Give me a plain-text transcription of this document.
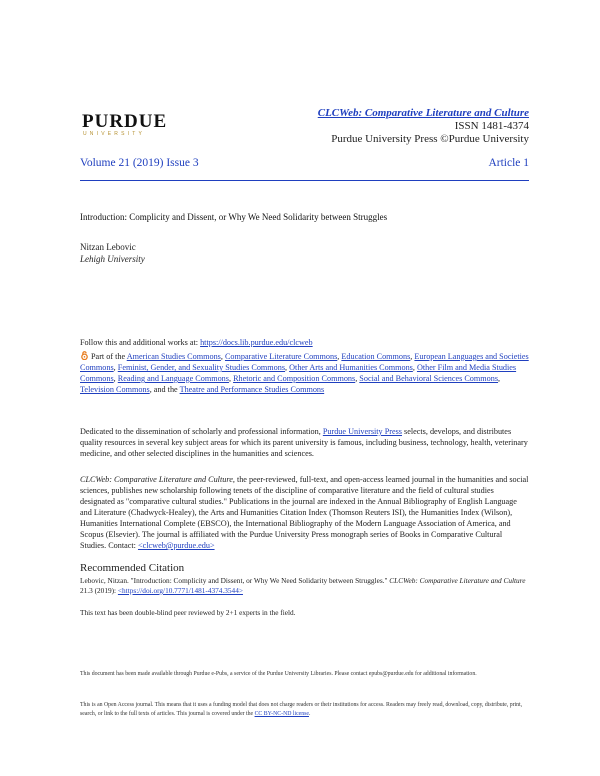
PURDUE
UNIVERSITY
CLCWeb: Comparative Literature and Culture
ISSN 1481-4374
Purdue University Press ©Purdue University
Volume 21 (2019) Issue 3	Article 1
Introduction: Complicity and Dissent, or Why We Need Solidarity between Struggles
Nitzan Lebovic
Lehigh University
Follow this and additional works at: https://docs.lib.purdue.edu/clcweb
Part of the American Studies Commons, Comparative Literature Commons, Education Commons, European Languages and Societies Commons, Feminist, Gender, and Sexuality Studies Commons, Other Arts and Humanities Commons, Other Film and Media Studies Commons, Reading and Language Commons, Rhetoric and Composition Commons, Social and Behavioral Sciences Commons, Television Commons, and the Theatre and Performance Studies Commons
Dedicated to the dissemination of scholarly and professional information, Purdue University Press selects, develops, and distributes quality resources in several key subject areas for which its parent university is famous, including business, technology, health, veterinary medicine, and other selected disciplines in the humanities and sciences.
CLCWeb: Comparative Literature and Culture, the peer-reviewed, full-text, and open-access learned journal in the humanities and social sciences, publishes new scholarship following tenets of the discipline of comparative literature and the field of cultural studies designated as "comparative cultural studies." Publications in the journal are indexed in the Annual Bibliography of English Language and Literature (Chadwyck-Healey), the Arts and Humanities Citation Index (Thomson Reuters ISI), the Humanities Index (Wilson), Humanities International Complete (EBSCO), the International Bibliography of the Modern Language Association of America, and Scopus (Elsevier). The journal is affiliated with the Purdue University Press monograph series of Books in Comparative Cultural Studies. Contact: <clcweb@purdue.edu>
Recommended Citation
Lebovic, Nitzan. "Introduction: Complicity and Dissent, or Why We Need Solidarity between Struggles." CLCWeb: Comparative Literature and Culture 21.3 (2019): <https://doi.org/10.7771/1481-4374.3544>
This text has been double-blind peer reviewed by 2+1 experts in the field.
This document has been made available through Purdue e-Pubs, a service of the Purdue University Libraries. Please contact epubs@purdue.edu for additional information.
This is an Open Access journal. This means that it uses a funding model that does not charge readers or their institutions for access. Readers may freely read, download, copy, distribute, print, search, or link to the full texts of articles. This journal is covered under the CC BY-NC-ND license.
